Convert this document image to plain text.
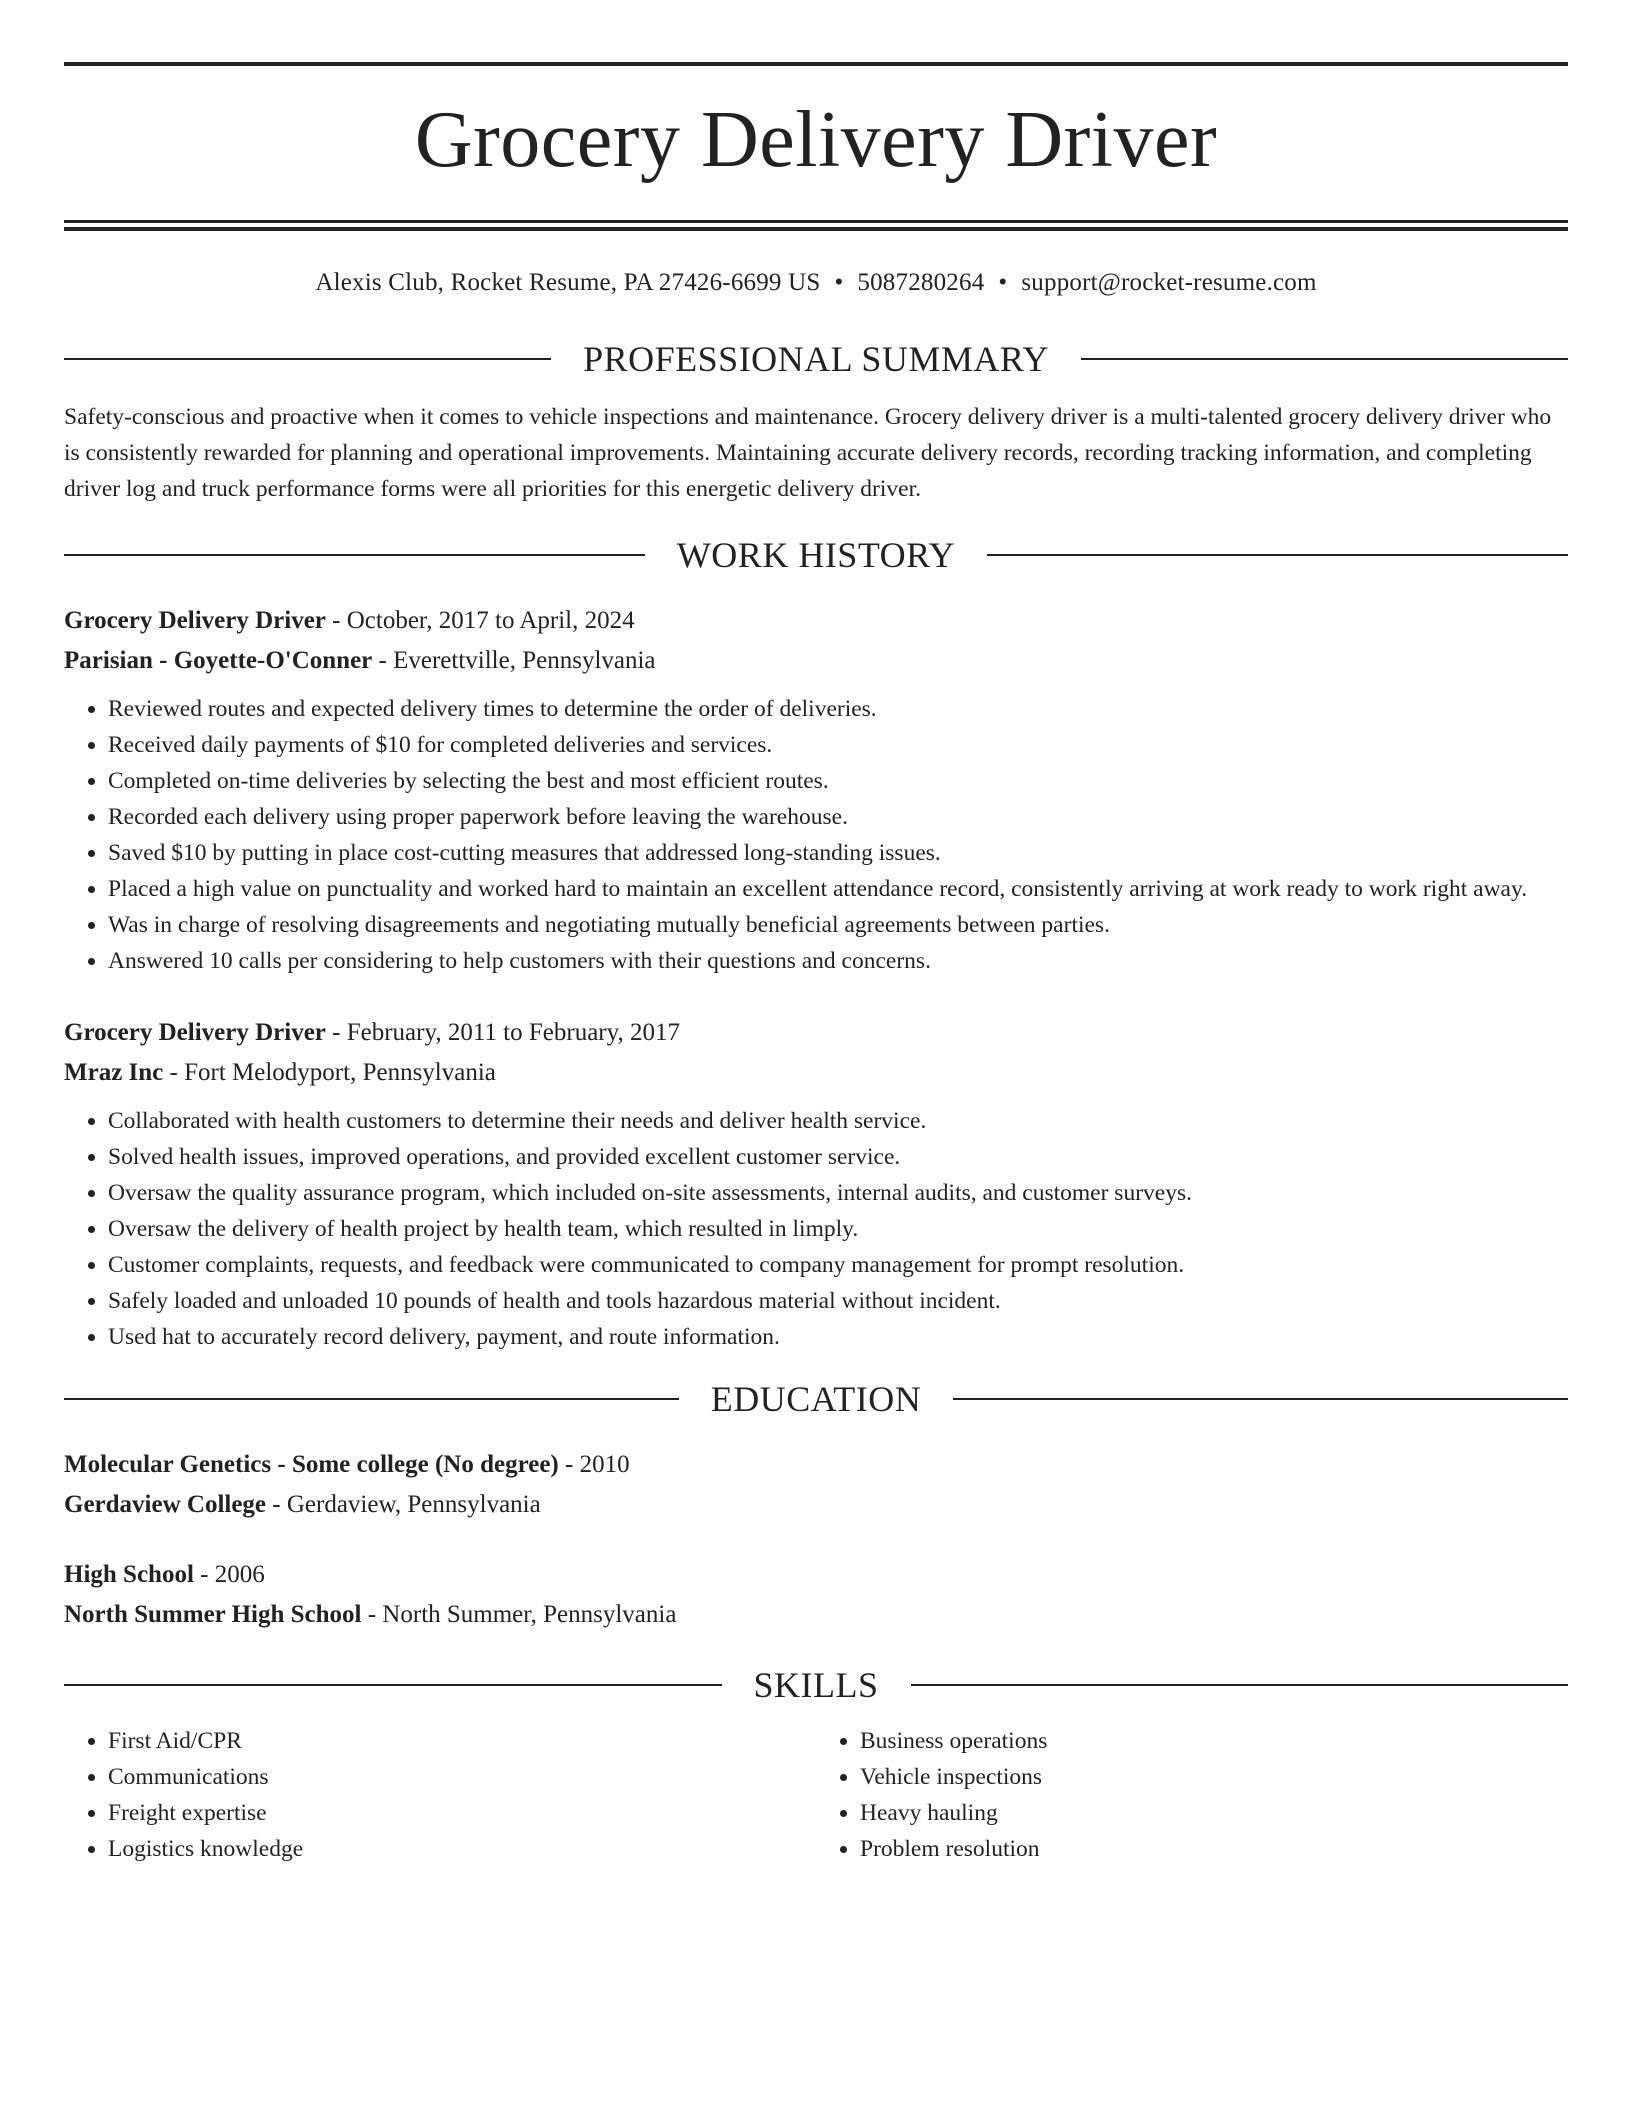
Grocery Delivery Driver
Alexis Club, Rocket Resume, PA 27426-6699 US • 5087280264 • support@rocket-resume.com
PROFESSIONAL SUMMARY

Safety-conscious and proactive when it comes to vehicle inspections and maintenance. Grocery delivery driver is a multi-talented grocery delivery driver who is consistently rewarded for planning and operational improvements. Maintaining accurate delivery records, recording tracking information, and completing driver log and truck performance forms were all priorities for this energetic delivery driver.

WORK HISTORY
Grocery Delivery Driver - October, 2017 to April, 2024
Parisian - Goyette-O'Conner - Everettville, Pennsylvania
• Reviewed routes and expected delivery times to determine the order of deliveries.
• Received daily payments of $10 for completed deliveries and services.
• Completed on-time deliveries by selecting the best and most efficient routes.
• Recorded each delivery using proper paperwork before leaving the warehouse.
• Saved $10 by putting in place cost-cutting measures that addressed long-standing issues.
• Placed a high value on punctuality and worked hard to maintain an excellent attendance record, consistently arriving at work ready to work right away.
• Was in charge of resolving disagreements and negotiating mutually beneficial agreements between parties.
• Answered 10 calls per considering to help customers with their questions and concerns.
Grocery Delivery Driver - February, 2011 to February, 2017
Mraz Inc - Fort Melodyport, Pennsylvania
• Collaborated with health customers to determine their needs and deliver health service.
• Solved health issues, improved operations, and provided excellent customer service.
• Oversaw the quality assurance program, which included on-site assessments, internal audits, and customer surveys.
• Oversaw the delivery of health project by health team, which resulted in limply.
• Customer complaints, requests, and feedback were communicated to company management for prompt resolution.
• Safely loaded and unloaded 10 pounds of health and tools hazardous material without incident.
• Used hat to accurately record delivery, payment, and route information.
EDUCATION
Molecular Genetics - Some college (No degree) - 2010
Gerdaview College - Gerdaview, Pennsylvania
High School - 2006
North Summer High School - North Summer, Pennsylvania
SKILLS
• First Aid/CPR
• Communications
• Freight expertise
• Logistics knowledge
• Business operations
• Vehicle inspections
• Heavy hauling
• Problem resolution
